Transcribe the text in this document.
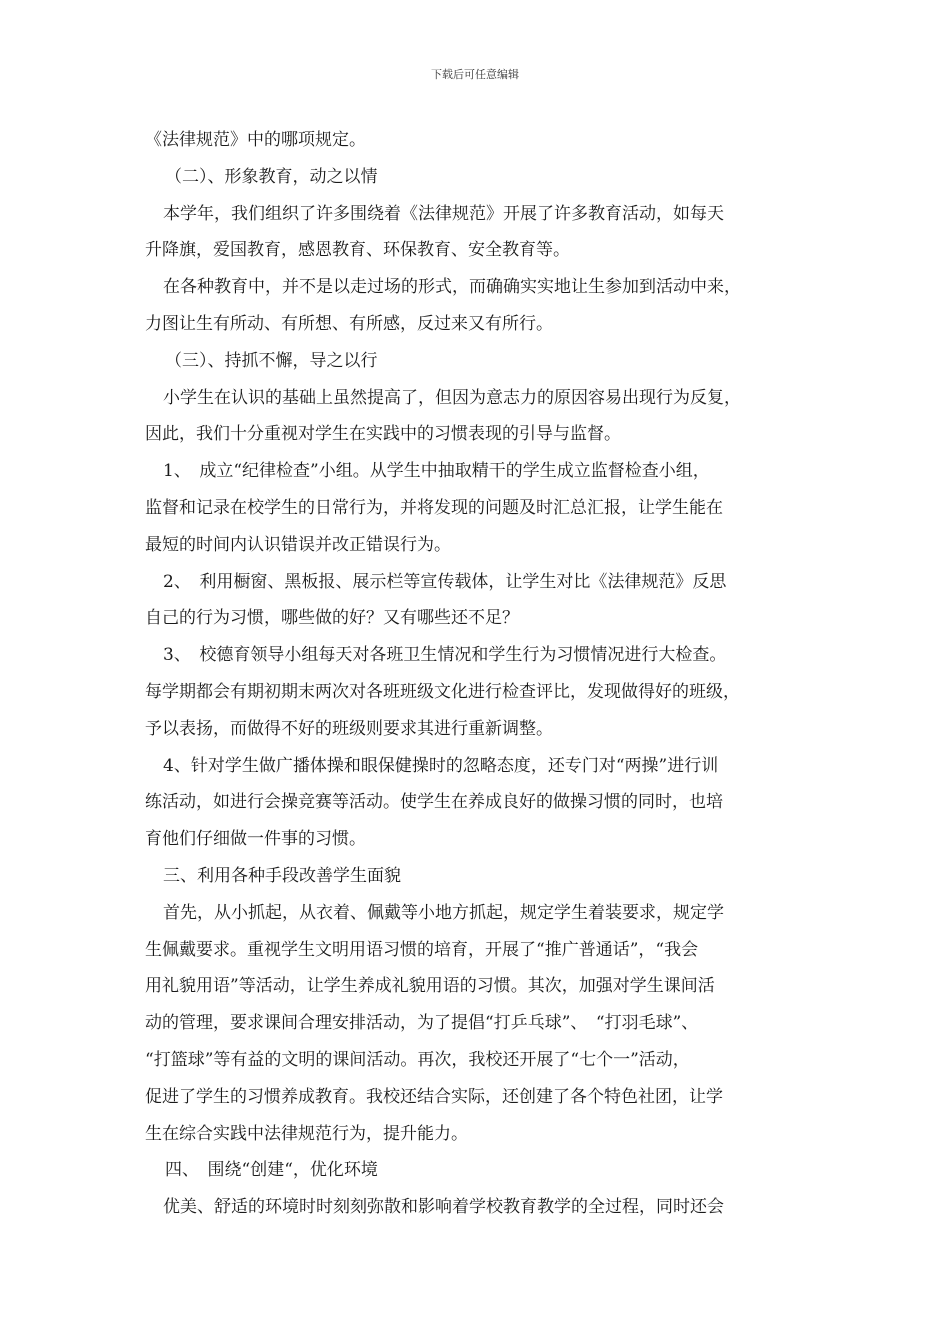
下载后可任意编辑
《法律规范》中的哪项规定。
（二）、形象教育，动之以情
本学年，我们组织了许多围绕着《法律规范》开展了许多教育活动，如每天
升降旗，爱国教育，感恩教育、环保教育、安全教育等。
在各种教育中，并不是以走过场的形式，而确确实实地让生参加到活动中来，
力图让生有所动、有所想、有所感，反过来又有所行。
（三）、持抓不懈，导之以行
小学生在认识的基础上虽然提高了，但因为意志力的原因容易出现行为反复，
因此，我们十分重视对学生在实践中的习惯表现的引导与监督。
1、　成立“纪律检查”小组。从学生中抽取精干的学生成立监督检查小组，
监督和记录在校学生的日常行为，并将发现的问题及时汇总汇报，让学生能在
最短的时间内认识错误并改正错误行为。
2、　利用橱窗、黑板报、展示栏等宣传载体，让学生对比《法律规范》反思
自己的行为习惯，哪些做的好？又有哪些还不足？
3、　校德育领导小组每天对各班卫生情况和学生行为习惯情况进行大检查。
每学期都会有期初期末两次对各班班级文化进行检查评比，发现做得好的班级，
予以表扬，而做得不好的班级则要求其进行重新调整。
4、针对学生做广播体操和眼保健操时的忽略态度，还专门对“两操”进行训
练活动，如进行会操竞赛等活动。使学生在养成良好的做操习惯的同时，也培
育他们仔细做一件事的习惯。
三、利用各种手段改善学生面貌
首先，从小抓起，从衣着、佩戴等小地方抓起，规定学生着装要求，规定学
生佩戴要求。重视学生文明用语习惯的培育，开展了“推广普通话”，“我会
用礼貌用语”等活动，让学生养成礼貌用语的习惯。其次，加强对学生课间活
动的管理，要求课间合理安排活动，为了提倡“打乒乓球”、　“打羽毛球”、
“打篮球”等有益的文明的课间活动。再次，我校还开展了“七个一”活动，
促进了学生的习惯养成教育。我校还结合实际，还创建了各个特色社团，让学
生在综合实践中法律规范行为，提升能力。
四、　围绕“创建“，优化环境
优美、舒适的环境时时刻刻弥散和影响着学校教育教学的全过程，同时还会
